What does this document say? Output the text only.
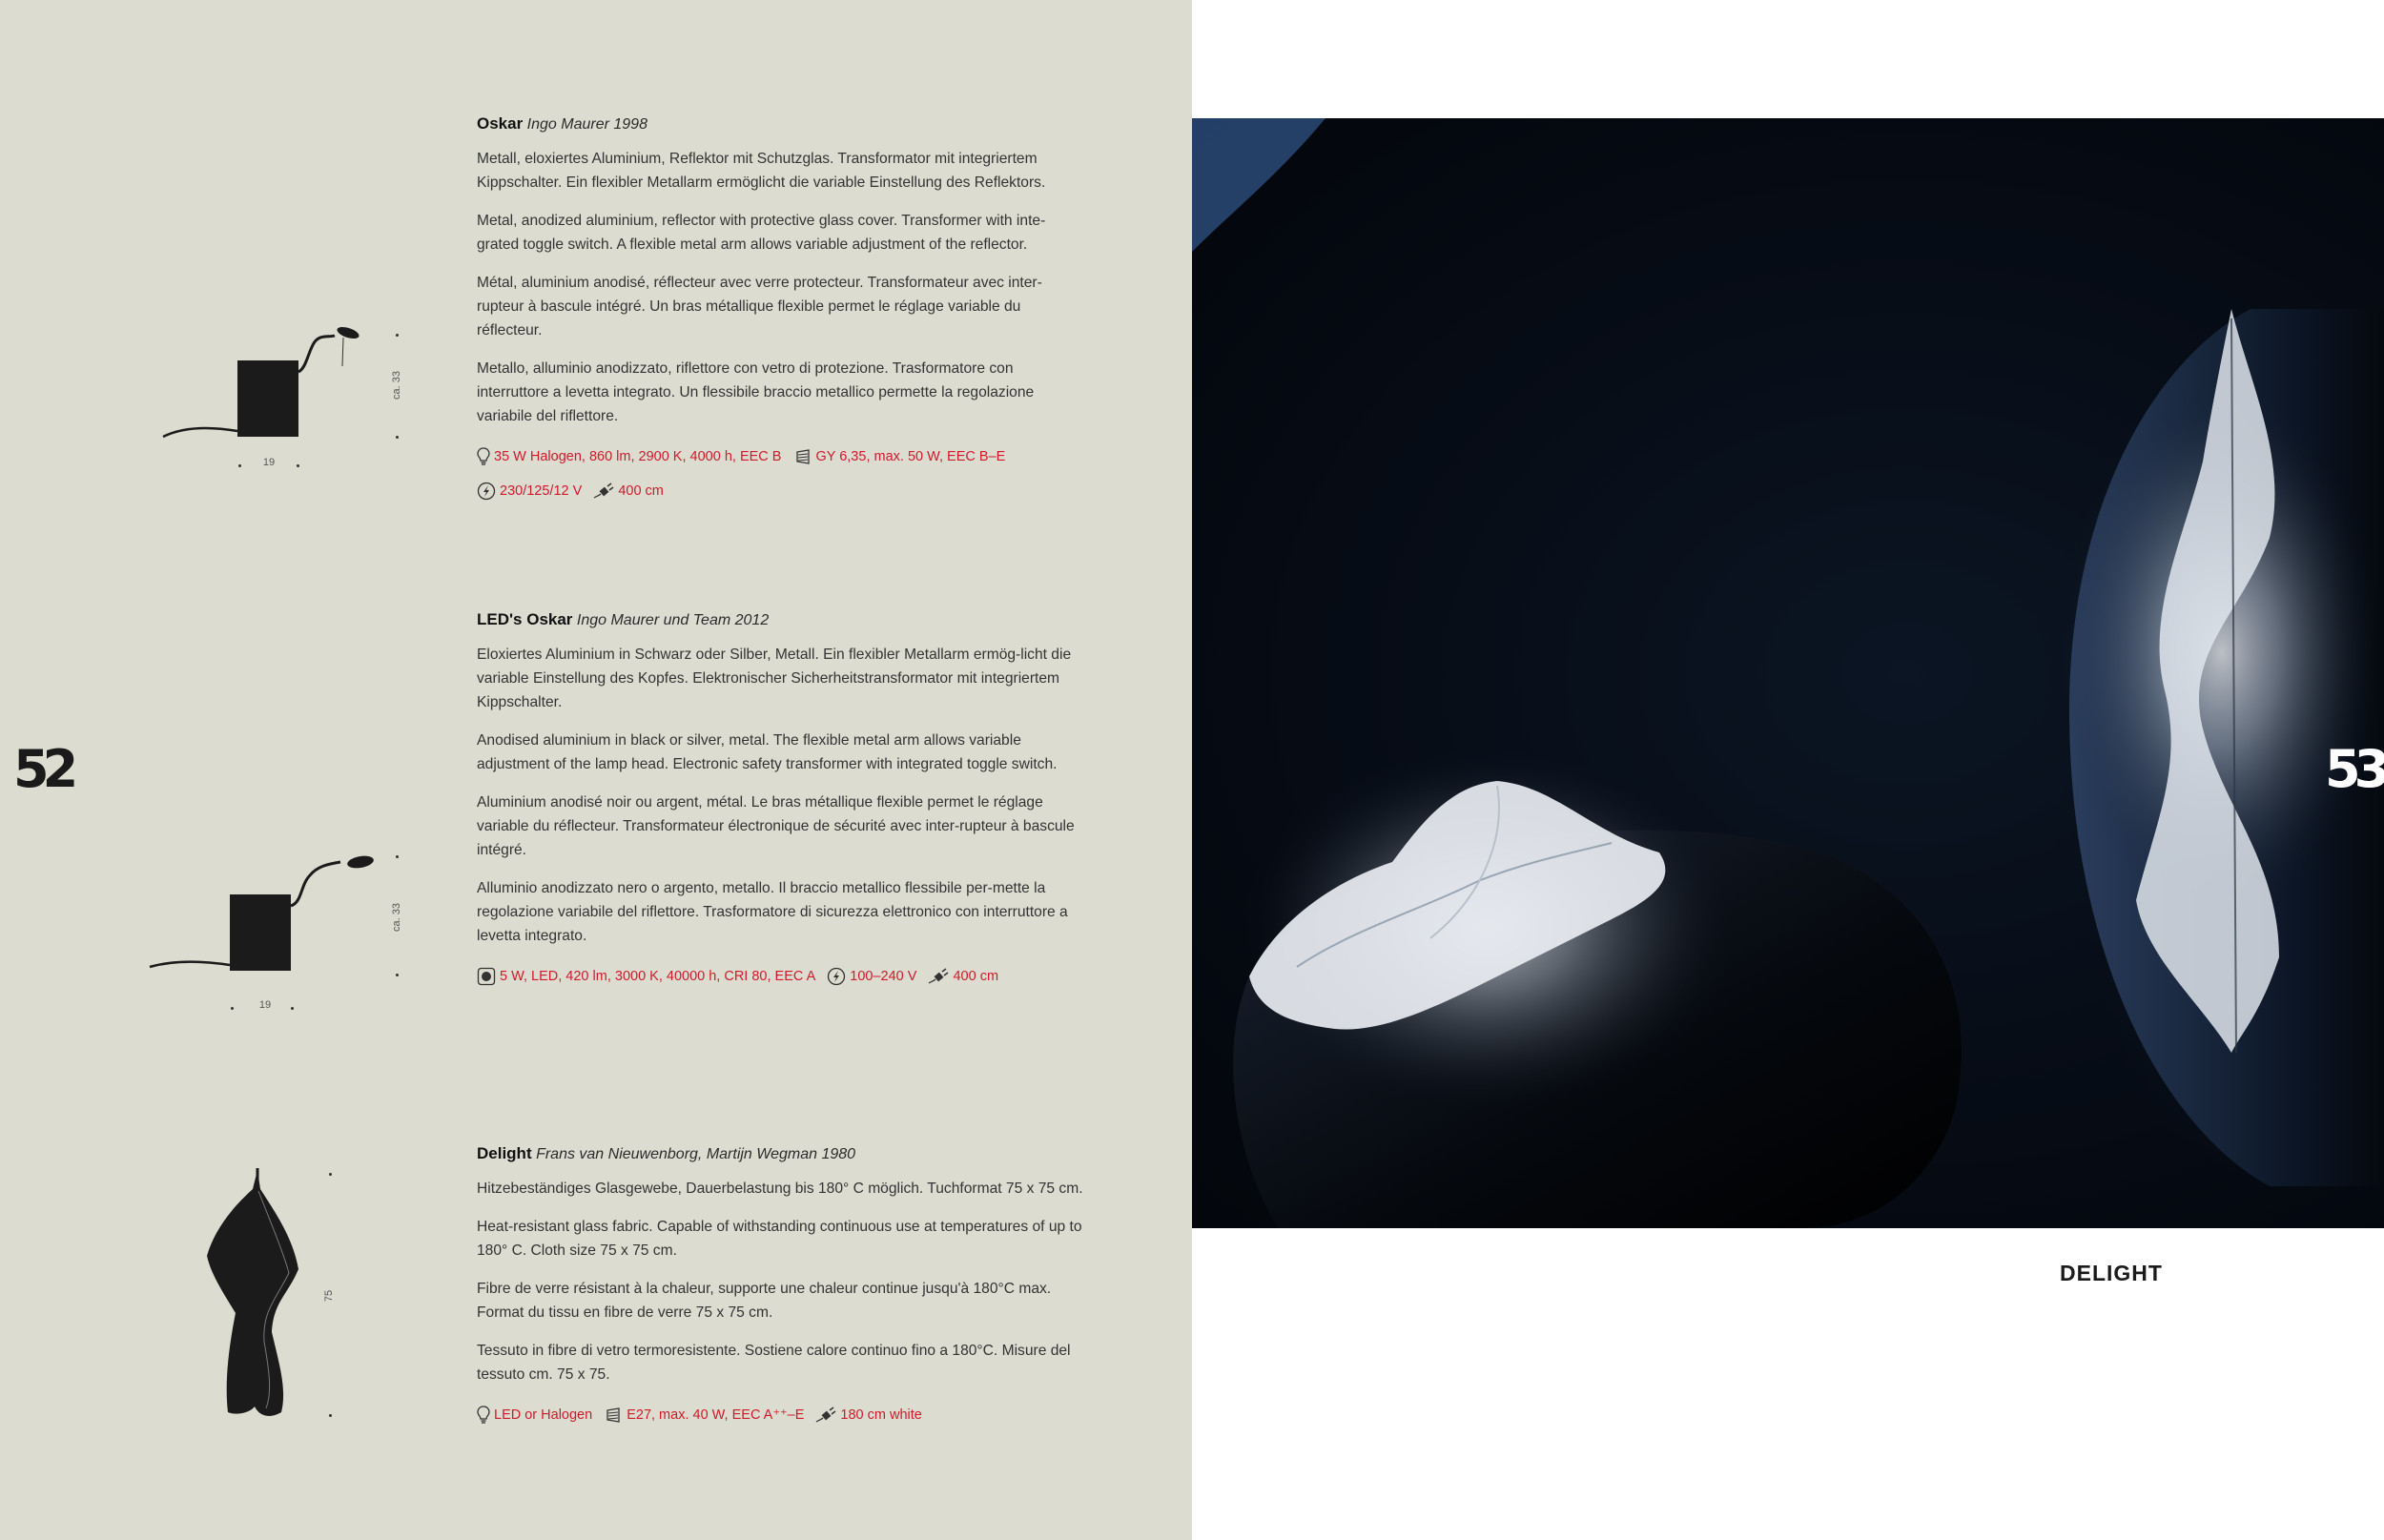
52
ca. 33
19
ca. 33
19
75
Oskar Ingo Maurer 1998

Metall, eloxiertes Aluminium, Reflektor mit Schutzglas. Transformator mit integriertem Kippschalter. Ein flexibler Metallarm ermöglicht die variable Einstellung des Reflektors.

Metal, anodized aluminium, reflector with protective glass cover. Transformer with inte-grated toggle switch. A flexible metal arm allows variable adjustment of the reflector.

Métal, aluminium anodisé, réflecteur avec verre protecteur. Transformateur avec inter-rupteur à bascule intégré. Un bras métallique flexible permet le réglage variable du réflecteur.

Metallo, alluminio anodizzato, riflettore con vetro di protezione. Trasformatore con interruttore a levetta integrato. Un flessibile braccio metallico permette la regolazione variabile del riflettore.

35 W Halogen, 860 lm, 2900 K, 4000 h, EEC B
GY 6,35, max. 50 W, EEC B–E

230/125/12 V
	400 cm
LED's Oskar Ingo Maurer und Team 2012

Eloxiertes Aluminium in Schwarz oder Silber, Metall. Ein flexibler Metallarm ermög-licht die variable Einstellung des Kopfes. Elektronischer Sicherheitstransformator mit integriertem Kippschalter.

Anodised aluminium in black or silver, metal. The flexible metal arm allows variable adjustment of the lamp head. Electronic safety transformer with integrated toggle switch.

Aluminium anodisé noir ou argent, métal. Le bras métallique flexible permet le réglage variable du réflecteur. Transformateur électronique de sécurité avec inter-rupteur à bascule intégré.

Alluminio anodizzato nero o argento, metallo. Il braccio metallico flessibile per-mette la regolazione variabile del riflettore. Trasformatore di sicurezza elettronico con interruttore a levetta integrato.

5 W, LED, 420 lm, 3000 K, 40000 h, CRI 80, EEC A
100–240 V
	400 cm
Delight Frans van Nieuwenborg, Martijn Wegman 1980

Hitzebeständiges Glasgewebe, Dauerbelastung bis 180° C möglich. Tuchformat 75 x 75 cm.

Heat-resistant glass fabric. Capable of withstanding continuous use at temperatures of up to 180° C. Cloth size 75 x 75 cm.

Fibre de verre résistant à la chaleur, supporte une chaleur continue jusqu'à 180°C max. Format du tissu en fibre de verre 75 x 75 cm.

Tessuto in fibre di vetro termoresistente. Sostiene calore continuo fino a 180°C. Misure del tessuto cm. 75 x 75.

LED or Halogen
E27, max. 40 W, EEC A⁺⁺–E
	180 cm white
53
DELIGHT
